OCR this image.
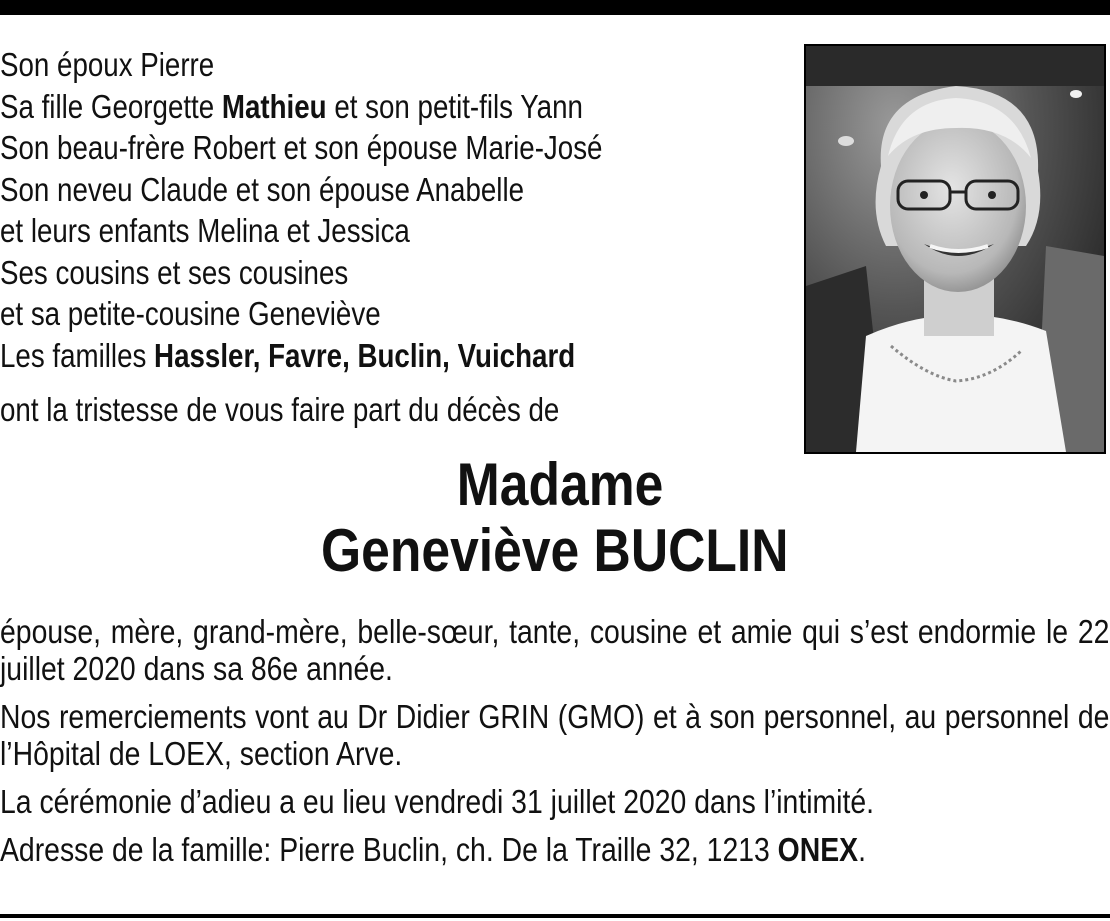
Son époux Pierre
Sa fille Georgette Mathieu et son petit-fils Yann
Son beau-frère Robert et son épouse Marie-José
Son neveu Claude et son épouse Anabelle
et leurs enfants Melina et Jessica
Ses cousins et ses cousines
et sa petite-cousine Geneviève
Les familles Hassler, Favre, Buclin, Vuichard
ont la tristesse de vous faire part du décès de
Madame
Geneviève BUCLIN

épouse, mère, grand-mère, belle-sœur, tante, cousine et amie qui s’est endormie le 22 juillet 2020 dans sa 86e année.

Nos remerciements vont au Dr Didier GRIN (GMO) et à son personnel, au personnel de l’Hôpital de LOEX, section Arve.

La cérémonie d’adieu a eu lieu vendredi 31 juillet 2020 dans l’intimité.

Adresse de la famille: Pierre Buclin, ch. De la Traille 32, 1213 ONEX.
